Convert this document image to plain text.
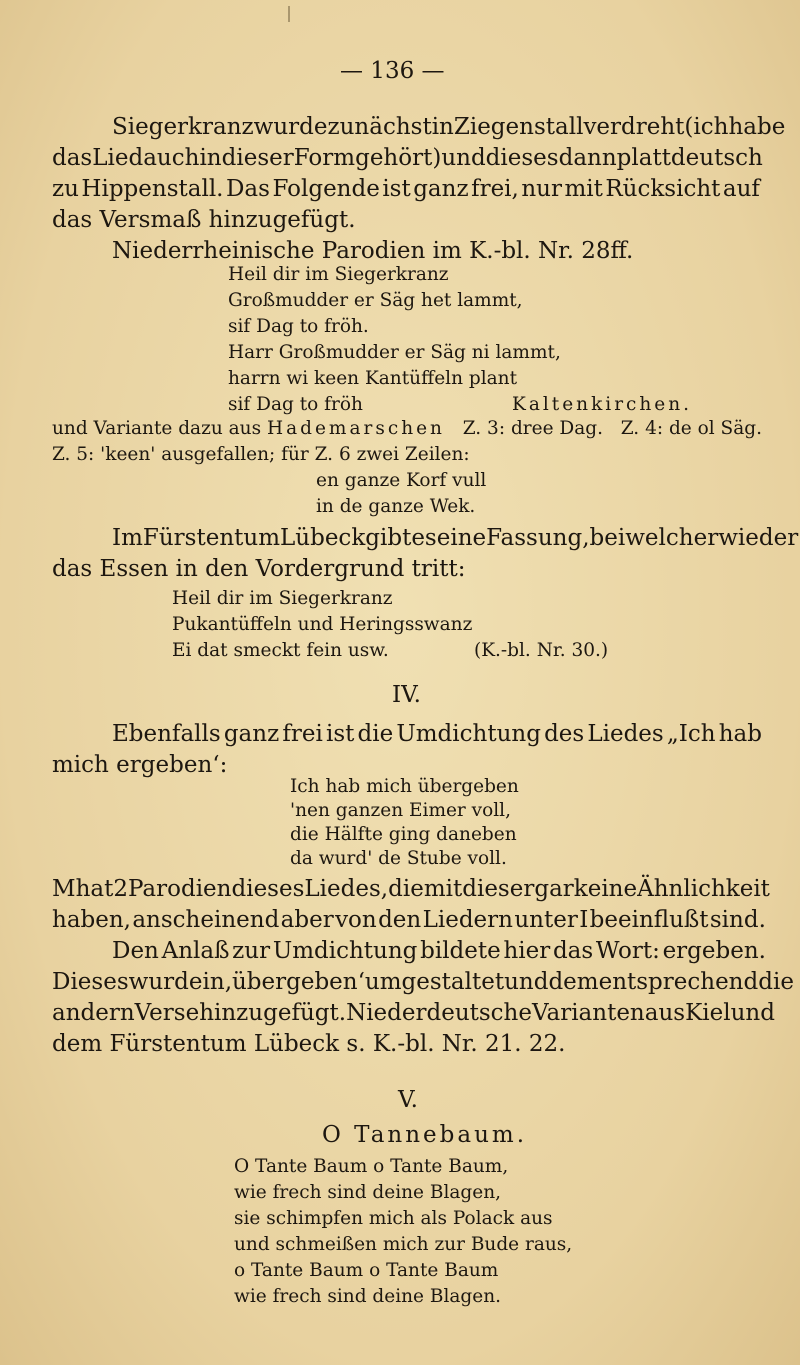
— 136 —
Siegerkranz wurde zunächst in Ziegenstall verdreht (ich habe
das Lied auch in dieser Form gehört) und dieses dann plattdeutsch
zu Hippenstall. Das Folgende ist ganz frei, nur mit Rücksicht auf
das Versmaß hinzugefügt.
Niederrheinische Parodien im K.-bl. Nr. 28ff.
Heil dir im Siegerkranz
Großmudder er Säg het lammt,
sif Dag to fröh.
Harr Großmudder er Säg ni lammt,
harrn wi keen Kantüffeln plant
sif Dag to fröh	Kaltenkirchen.
und Variante dazu aus Hademarschen Z. 3: dree Dag. Z. 4: de ol Säg.
Z. 5: 'keen' ausgefallen; für Z. 6 zwei Zeilen:
en ganze Korf vull
in de ganze Wek.
Im Fürstentum Lübeck gibt es eine Fassung, bei welcher wieder
das Essen in den Vordergrund tritt:
Heil dir im Siegerkranz
Pukantüffeln und Heringsswanz
Ei dat smeckt fein usw.	(K.-bl. Nr. 30.)
IV.
Ebenfalls ganz frei ist die Umdichtung des Liedes „Ich hab
mich ergeben‘:
Ich hab mich übergeben
'nen ganzen Eimer voll,
die Hälfte ging daneben
da wurd' de Stube voll.
M hat 2 Parodien dieses Liedes, die mit dieser gar keine Ähnlichkeit
haben, anscheinend aber von den Liedern unter I beeinflußt sind.
Den Anlaß zur Umdichtung bildete hier das Wort: ergeben.
Dieses wurde in ‚übergeben‘ umgestaltet und dementsprechend die
andern Verse hinzugefügt. Niederdeutsche Varianten aus Kiel und
dem Fürstentum Lübeck s. K.-bl. Nr. 21. 22.
V.
O Tannebaum.
O Tante Baum o Tante Baum,
wie frech sind deine Blagen,
sie schimpfen mich als Polack aus
und schmeißen mich zur Bude raus,
o Tante Baum o Tante Baum
wie frech sind deine Blagen.
